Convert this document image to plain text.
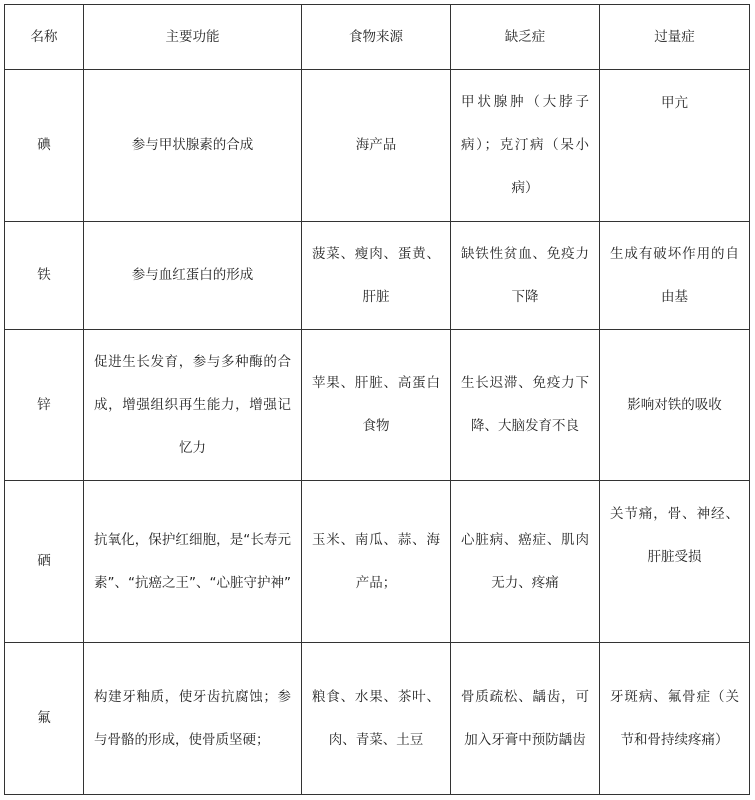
名称	主要功能	食物来源	缺乏症	过量症
碘	参与甲状腺素的合成	海产品	甲状腺肿（大脖子病）；克汀病（呆小病）	甲亢
铁	参与血红蛋白的形成	菠菜、瘦肉、蛋黄、肝脏	缺铁性贫血、免疫力下降	生成有破坏作用的自由基
锌	促进生长发育，参与多种酶的合成，增强组织再生能力，增强记忆力	苹果、肝脏、高蛋白食物	生长迟滞、免疫力下降、大脑发育不良	影响对铁的吸收
硒	抗氧化，保护红细胞，是“长寿元素”、“抗癌之王”、“心脏守护神”	玉米、南瓜、蒜、海产品；	心脏病、癌症、肌肉无力、疼痛	关节痛，骨、神经、肝脏受损
氟	构建牙釉质，使牙齿抗腐蚀；参与骨骼的形成，使骨质坚硬；	粮食、水果、茶叶、肉、青菜、土豆	骨质疏松、龋齿，可加入牙膏中预防龋齿	牙斑病、氟骨症（关节和骨持续疼痛）
